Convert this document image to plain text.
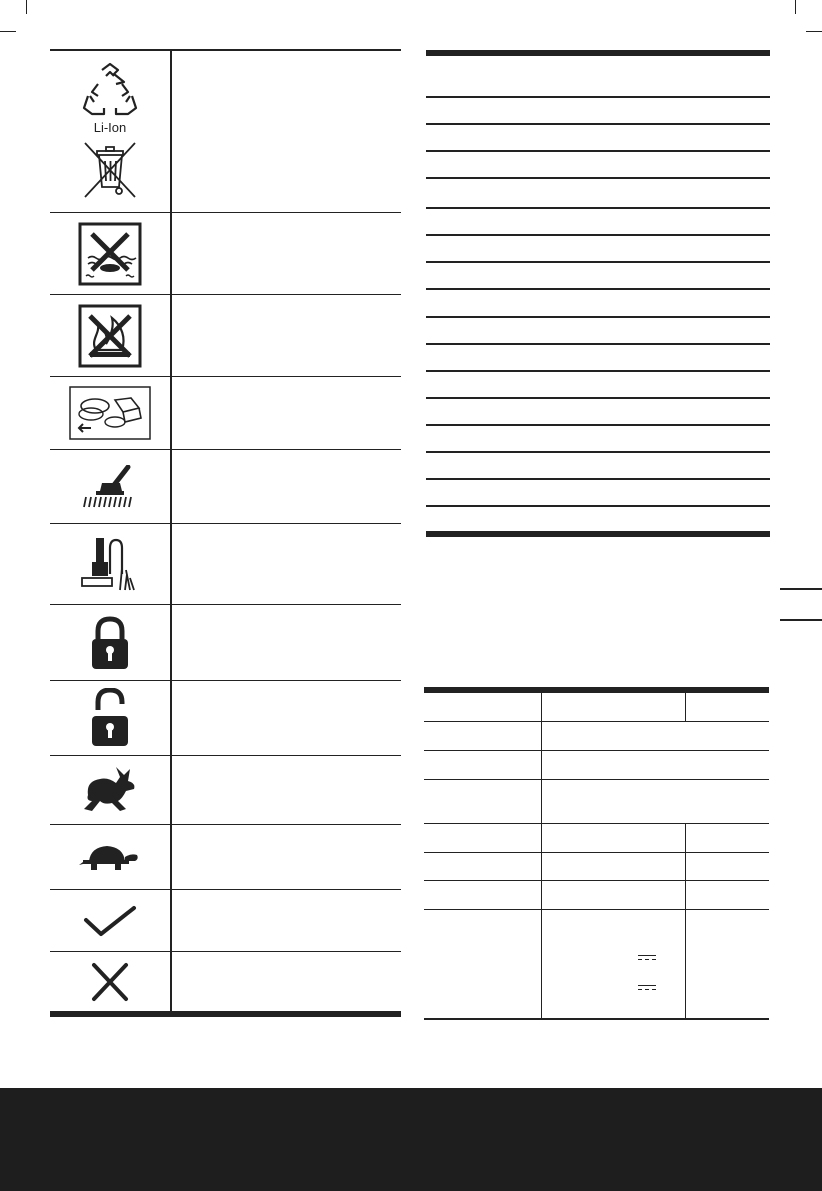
Li-Ion
